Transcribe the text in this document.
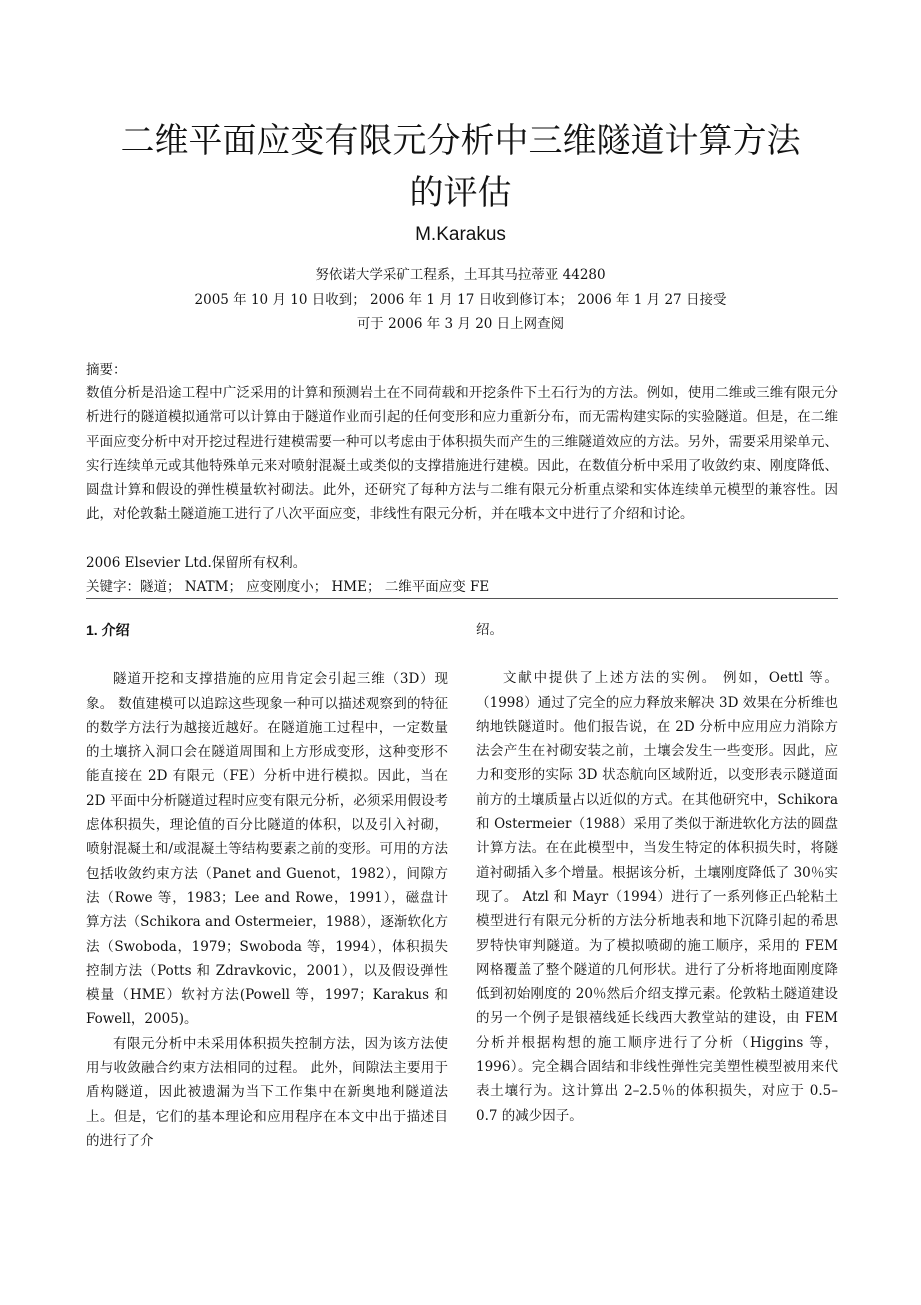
二维平面应变有限元分析中三维隧道计算方法
的评估
M.Karakus
努依诺大学采矿工程系，土耳其马拉蒂亚 44280
2005 年 10 月 10 日收到； 2006 年 1 月 17 日收到修订本； 2006 年 1 月 27 日接受
可于 2006 年 3 月 20 日上网查阅
摘要：

数值分析是沿途工程中广泛采用的计算和预测岩土在不同荷载和开挖条件下土石行为的方法。例如，使用二维或三维有限元分析进行的隧道模拟通常可以计算由于隧道作业而引起的任何变形和应力重新分布，而无需构建实际的实验隧道。但是，在二维平面应变分析中对开挖过程进行建模需要一种可以考虑由于体积损失而产生的三维隧道效应的方法。另外，需要采用梁单元、实行连续单元或其他特殊单元来对喷射混凝土或类似的支撑措施进行建模。因此，在数值分析中采用了收敛约束、刚度降低、圆盘计算和假设的弹性模量软衬砌法。此外，还研究了每种方法与二维有限元分析重点梁和实体连续单元模型的兼容性。因此，对伦敦黏土隧道施工进行了八次平面应变，非线性有限元分析，并在哦本文中进行了介绍和讨论。

2006 Elsevier Ltd.保留所有权利。
关键字：隧道； NATM； 应变刚度小； HME； 二维平面应变 FE

1. 介绍

隧道开挖和支撑措施的应用肯定会引起三维（3D）现象。 数值建模可以追踪这些现象一种可以描述观察到的特征的数学方法行为越接近越好。在隧道施工过程中，一定数量的土壤挤入洞口会在隧道周围和上方形成变形，这种变形不能直接在 2D 有限元（FE）分析中进行模拟。因此，当在 2D 平面中分析隧道过程时应变有限元分析，必须采用假设考虑体积损失，理论值的百分比隧道的体积，以及引入衬砌，喷射混凝土和/或混凝土等结构要素之前的变形。可用的方法包括收敛约束方法（Panet and Guenot，1982），间隙方法（Rowe 等，1983；Lee and Rowe，1991），磁盘计算方法（Schikora and Ostermeier，1988），逐渐软化方法（Swoboda，1979；Swoboda 等，1994），体积损失控制方法（Potts 和 Zdravkovic，2001），以及假设弹性模量（HME）软衬方法(Powell 等，1997；Karakus 和 Fowell，2005)。

有限元分析中未采用体积损失控制方法，因为该方法使用与收敛融合约束方法相同的过程。 此外，间隙法主要用于盾构隧道，因此被遗漏为当下工作集中在新奥地利隧道法上。但是，它们的基本理论和应用程序在本文中出于描述目的进行了介

绍。

文献中提供了上述方法的实例。 例如，Oettl 等。（1998）通过了完全的应力释放来解决 3D 效果在分析维也纳地铁隧道时。他们报告说，在 2D 分析中应用应力消除方法会产生在衬砌安装之前，土壤会发生一些变形。因此，应力和变形的实际 3D 状态航向区域附近，以变形表示隧道面前方的土壤质量占以近似的方式。在其他研究中，Schikora 和 Ostermeier（1988）采用了类似于渐进软化方法的圆盘计算方法。在在此模型中，当发生特定的体积损失时，将隧道衬砌插入多个增量。根据该分析，土壤刚度降低了 30％实现了。 Atzl 和 Mayr（1994）进行了一系列修正凸轮粘土模型进行有限元分析的方法分析地表和地下沉降引起的希思罗特快审判隧道。为了模拟喷砌的施工顺序，采用的 FEM 网格覆盖了整个隧道的几何形状。进行了分析将地面刚度降低到初始刚度的 20％然后介绍支撑元素。伦敦粘土隧道建设的另一个例子是银禧线延长线西大教堂站的建设，由 FEM 分析并根据构想的施工顺序进行了分析（Higgins 等，1996）。完全耦合固结和非线性弹性完美塑性模型被用来代表土壤行为。这计算出 2–2.5％的体积损失，对应于 0.5–0.7 的减少因子。
